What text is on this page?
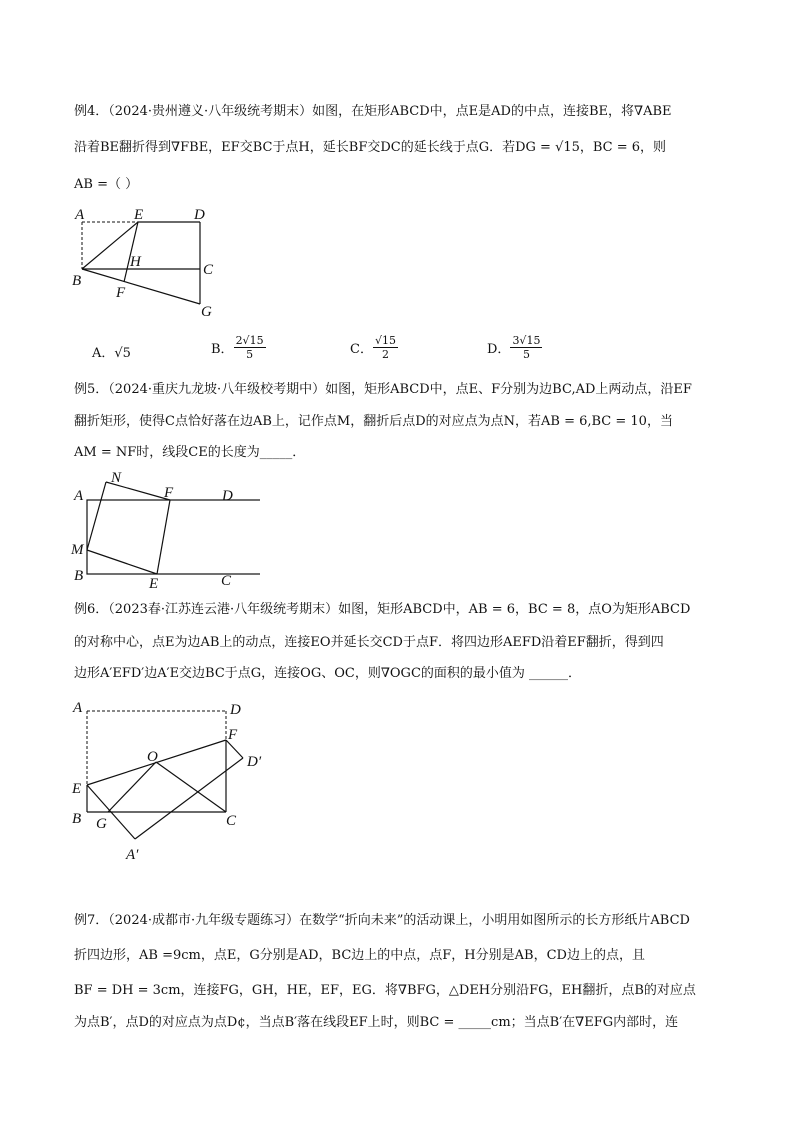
例4．（2024·贵州遵义·八年级统考期末）如图，在矩形ABCD中，点E是AD的中点，连接BE，将∇ABE
沿着BE翻折得到∇FBE，EF交BC于点H，延长BF交DC的延长线于点G．若DG = √15，BC = 6，则
AB =（ ）
A	E	D
B
H	C
F
G
A．√5	B． $\frac{2√15}{5}$	C． $\frac{√15}{2}$	D． $\frac{3√15}{5}$
例5．（2024·重庆九龙坡·八年级校考期中）如图，矩形ABCD中，点E、F分别为边BC,AD上两动点，沿EF
翻折矩形，使得C点恰好落在边AB上，记作点M，翻折后点D的对应点为点N，若AB = 6,BC = 10，当
AM = NF时，线段CE的长度为_____．
N
A	F	D
M
B	E	C
例6．（2023春·江苏连云港·八年级统考期末）如图，矩形ABCD中，AB = 6，BC = 8，点O为矩形ABCD
的对称中心，点E为边AB上的动点，连接EO并延长交CD于点F．将四边形AEFD沿着EF翻折，得到四
边形A′EFD′边A′E交边BC于点G，连接OG、OC，则∇OGC的面积的最小值为 ______．
A	D
F
O	D′
E
B G	C
A′
例7．（2024·成都市·九年级专题练习）在数学“折向未来”的活动课上，小明用如图所示的长方形纸片ABCD
折四边形，AB =9cm，点E，G分别是AD，BC边上的中点，点F，H分别是AB，CD边上的点，且
BF = DH = 3cm，连接FG，GH，HE，EF，EG．将∇BFG，△DEH分别沿FG，EH翻折，点B的对应点
为点B′，点D的对应点为点D¢，当点B′落在线段EF上时，则BC = _____cm；当点B′在∇EFG内部时，连
